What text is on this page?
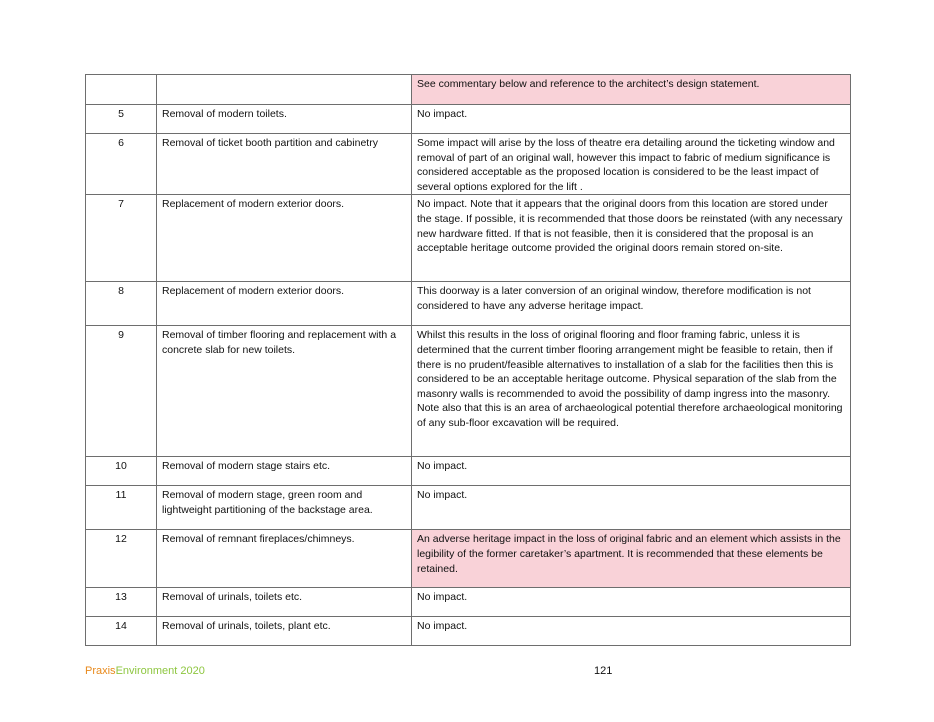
		See commentary below and reference to the architect’s design statement.
5	Removal of modern toilets.	No impact.
6	Removal of ticket booth partition and cabinetry	Some impact will arise by the loss of theatre era detailing around the ticketing window and removal of part of an original wall, however this impact to fabric of medium significance is considered acceptable as the proposed location is considered to be the least impact of several options explored for the lift .
7	Replacement of modern exterior doors.	No impact. Note that it appears that the original doors from this location are stored under the stage. If possible, it is recommended that those doors be reinstated (with any necessary new hardware fitted. If that is not feasible, then it is considered that the proposal is an acceptable heritage outcome provided the original doors remain stored on-site.
8	Replacement of modern exterior doors.	This doorway is a later conversion of an original window, therefore modification is not considered to have any adverse heritage impact.
9	Removal of timber flooring and replacement with a concrete slab for new toilets.	Whilst this results in the loss of original flooring and floor framing fabric, unless it is determined that the current timber flooring arrangement might be feasible to retain, then if there is no prudent/feasible alternatives to installation of a slab for the facilities then this is considered to be an acceptable heritage outcome. Physical separation of the slab from the masonry walls is recommended to avoid the possibility of damp ingress into the masonry. Note also that this is an area of archaeological potential therefore archaeological monitoring of any sub-floor excavation will be required.
10	Removal of modern stage stairs etc.	No impact.
11	Removal of modern stage, green room and lightweight partitioning of the backstage area.	No impact.
12	Removal of remnant fireplaces/chimneys.	An adverse heritage impact in the loss of original fabric and an element which assists in the legibility of the former caretaker’s apartment. It is recommended that these elements be retained.
13	Removal of urinals, toilets etc.	No impact.
14	Removal of urinals, toilets, plant etc.	No impact.
PraxisEnvironment 2020	121
